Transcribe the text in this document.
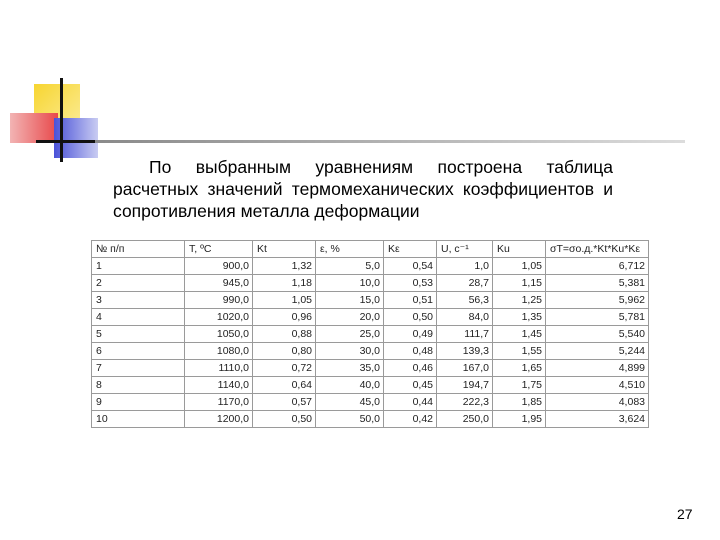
По выбранным уравнениям построена таблица расчетных значений термомеханических коэффициентов и сопротивления металла деформации
№ п/п	T, ºC	Kt	ε, %	Kε	U, с⁻¹	Ku	σT=σо.д.*Kt*Ku*Kε
1	900,0	1,32	5,0	0,54	1,0	1,05	6,712
2	945,0	1,18	10,0	0,53	28,7	1,15	5,381
3	990,0	1,05	15,0	0,51	56,3	1,25	5,962
4	1020,0	0,96	20,0	0,50	84,0	1,35	5,781
5	1050,0	0,88	25,0	0,49	111,7	1,45	5,540
6	1080,0	0,80	30,0	0,48	139,3	1,55	5,244
7	1110,0	0,72	35,0	0,46	167,0	1,65	4,899
8	1140,0	0,64	40,0	0,45	194,7	1,75	4,510
9	1170,0	0,57	45,0	0,44	222,3	1,85	4,083
10	1200,0	0,50	50,0	0,42	250,0	1,95	3,624
27
